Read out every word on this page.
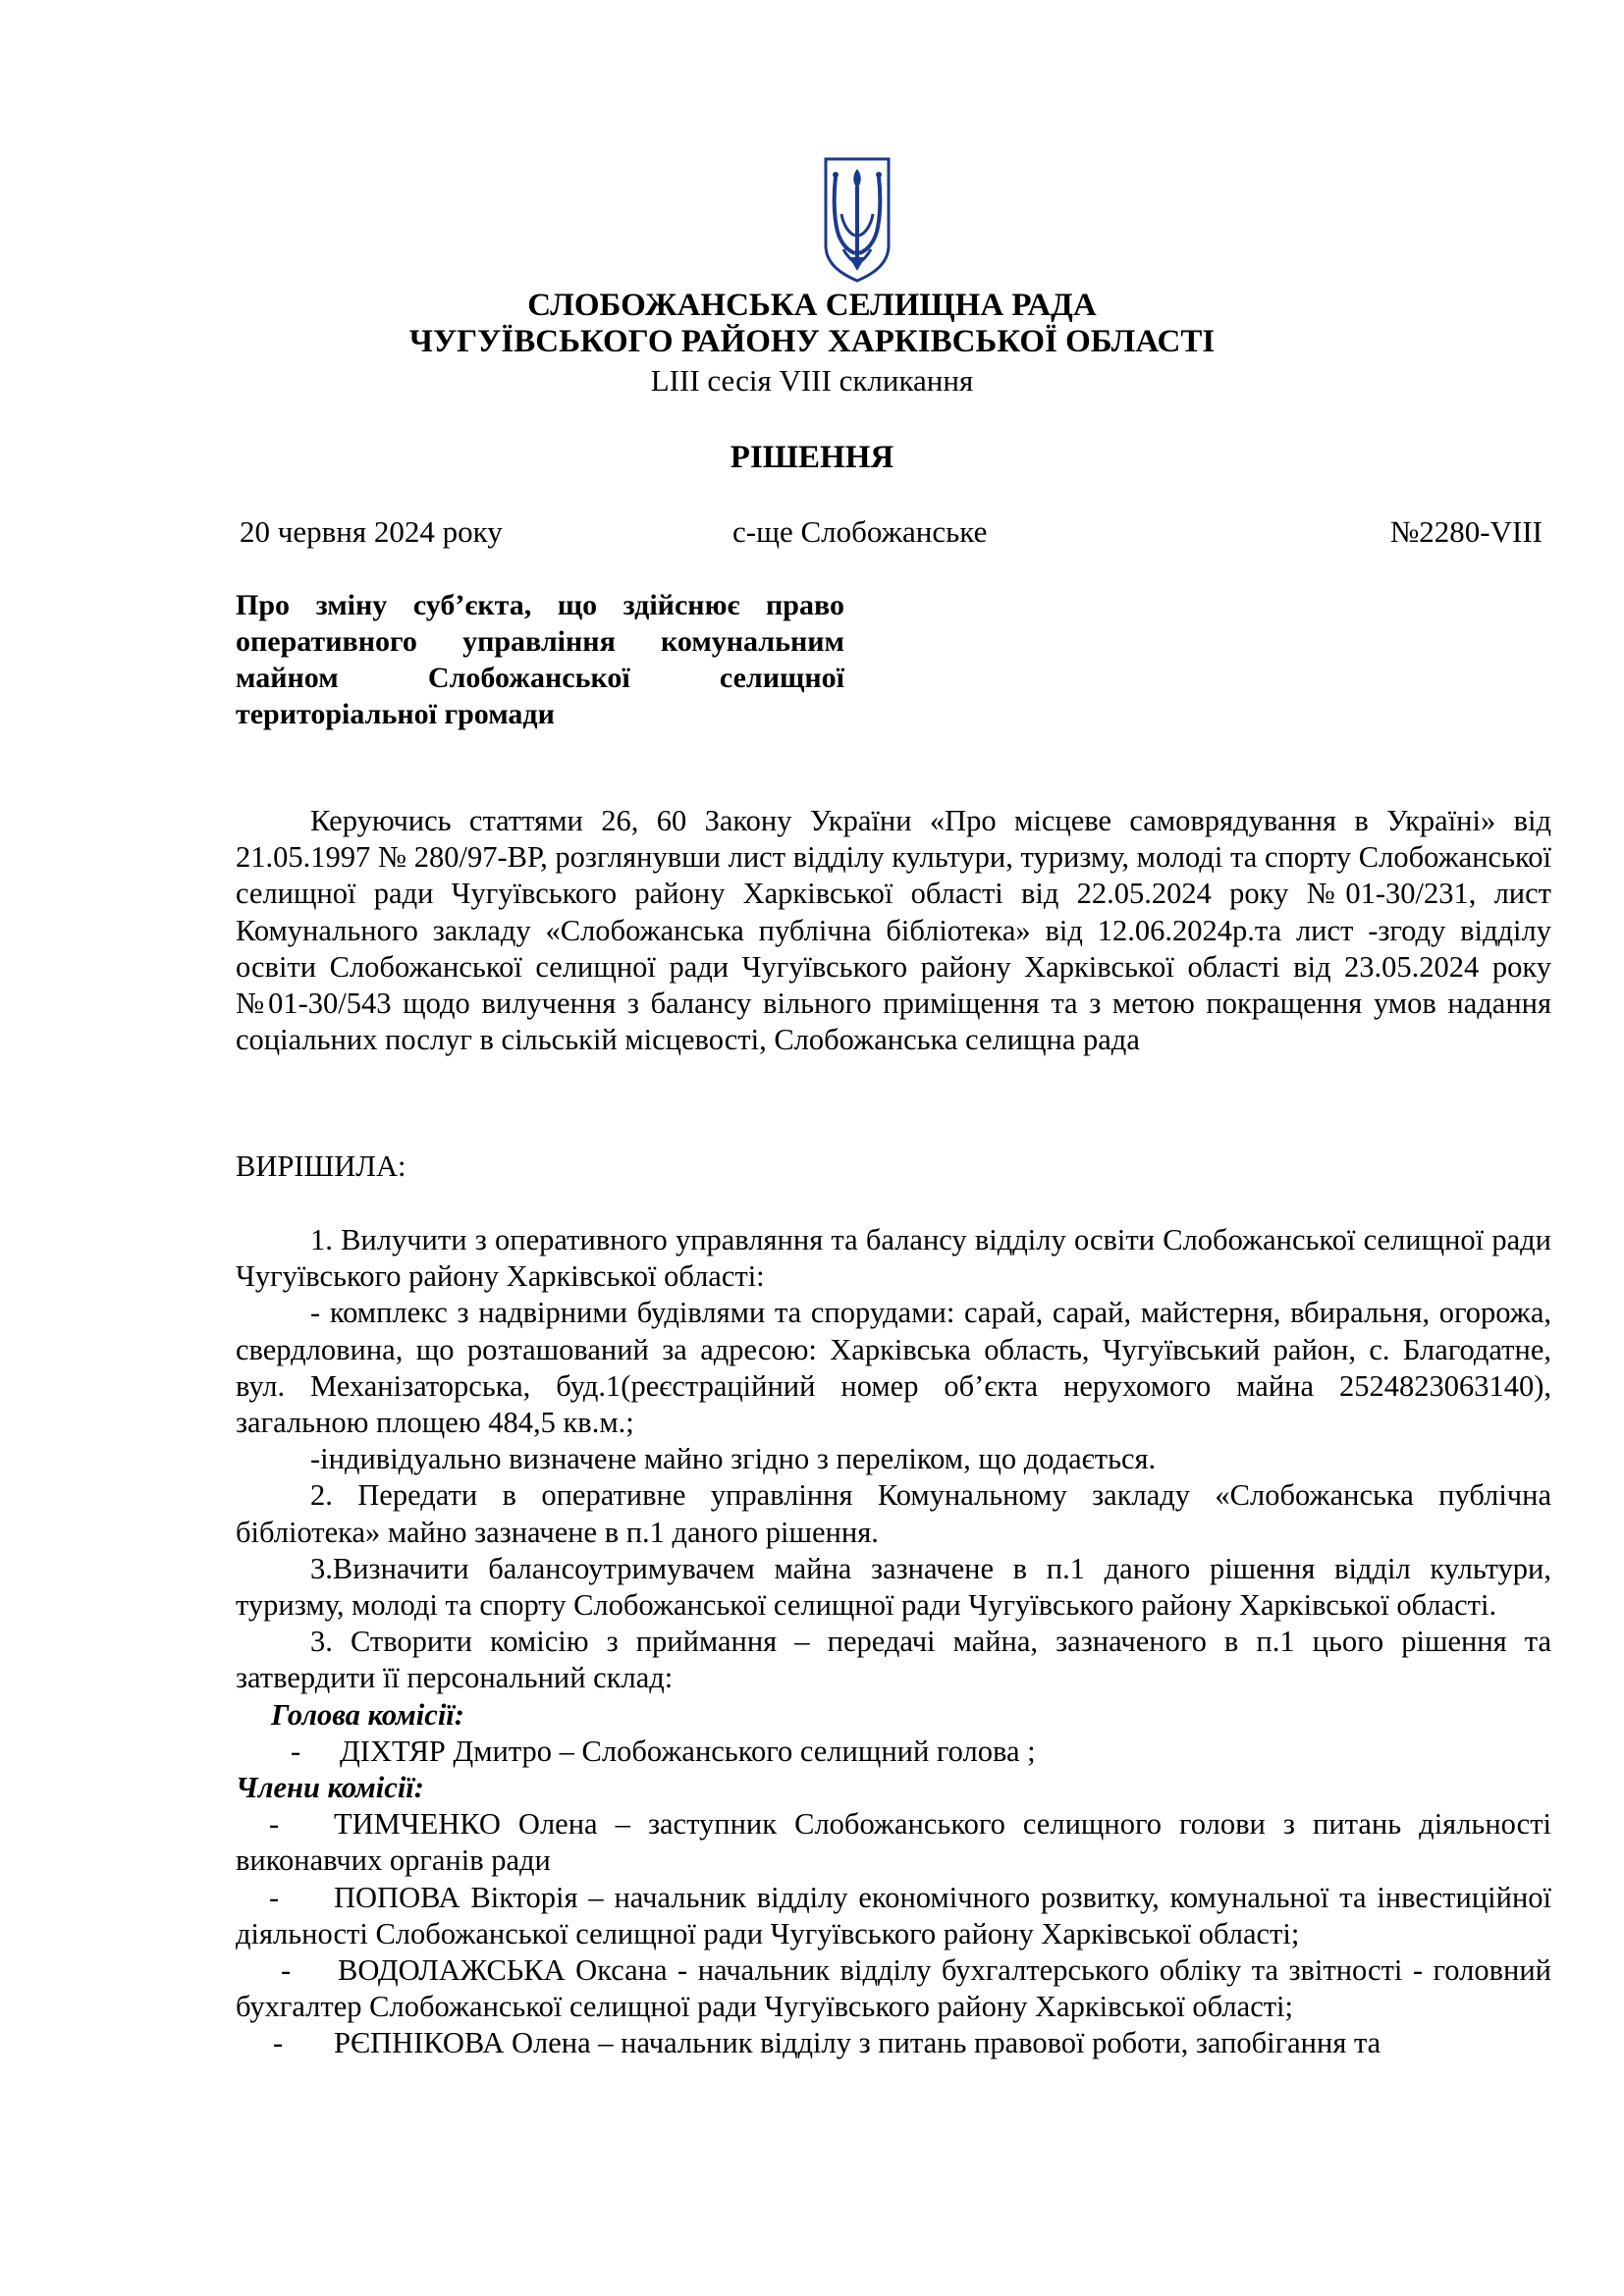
СЛОБОЖАНСЬКА СЕЛИЩНА РАДА
ЧУГУЇВСЬКОГО РАЙОНУ ХАРКІВСЬКОЇ ОБЛАСТІ
LIII сесія VIII скликання
РІШЕННЯ
20 червня 2024 року	с-ще Слобожанське	№2280-VIII
Про зміну суб’єкта, що здійснює право
оперативного управління комунальним
майном Слобожанської селищної
територіальної громади

Керуючись статтями 26, 60 Закону України «Про місцеве самоврядування в Україні» від 21.05.1997 № 280/97-ВР, розглянувши лист відділу культури, туризму, молоді та спорту Слобожанської селищної ради Чугуївського району Харківської області від 22.05.2024 року №01-30/231, лист Комунального закладу «Слобожанська публічна бібліотека» від 12.06.2024р.та лист -згоду відділу освіти Слобожанської селищної ради Чугуївського району Харківської області від 23.05.2024 року №01-30/543 щодо вилучення з балансу вільного приміщення та з метою покращення умов надання соціальних послуг в сільській місцевості, Слобожанська селищна рада

ВИРІШИЛА:

1. Вилучити з оперативного управляння та балансу відділу освіти Слобожанської селищної ради Чугуївського району Харківської області:

- комплекс з надвірними будівлями та спорудами: сарай, сарай, майстерня, вбиральня, огорожа, свердловина, що розташований за адресою: Харківська область, Чугуївський район, с. Благодатне, вул. Механізаторська, буд.1(реєстраційний номер об’єкта нерухомого майна 2524823063140), загальною площею 484,5 кв.м.;

-індивідуально визначене майно згідно з переліком, що додається.

2. Передати в оперативне управління Комунальному закладу «Слобожанська публічна бібліотека» майно зазначене в п.1 даного рішення.

3.Визначити балансоутримувачем майна зазначене в п.1 даного рішення відділ культури, туризму, молоді та спорту Слобожанської селищної ради Чугуївського району Харківської області.

3. Створити комісію з приймання – передачі майна, зазначеного в п.1 цього рішення та затвердити її персональний склад:

Голова комісії:

- ДІХТЯР Дмитро – Слобожанського селищний голова ;

Члени комісії:

- ТИМЧЕНКО Олена – заступник Слобожанського селищного голови з питань діяльності виконавчих органів ради

- ПОПОВА Вікторія – начальник відділу економічного розвитку, комунальної та інвестиційної діяльності Слобожанської селищної ради Чугуївського району Харківської області;

- ВОДОЛАЖСЬКА Оксана - начальник відділу бухгалтерського обліку та звітності - головний бухгалтер Слобожанської селищної ради Чугуївського району Харківської області;

- РЄПНІКОВА Олена – начальник відділу з питань правової роботи, запобігання та
